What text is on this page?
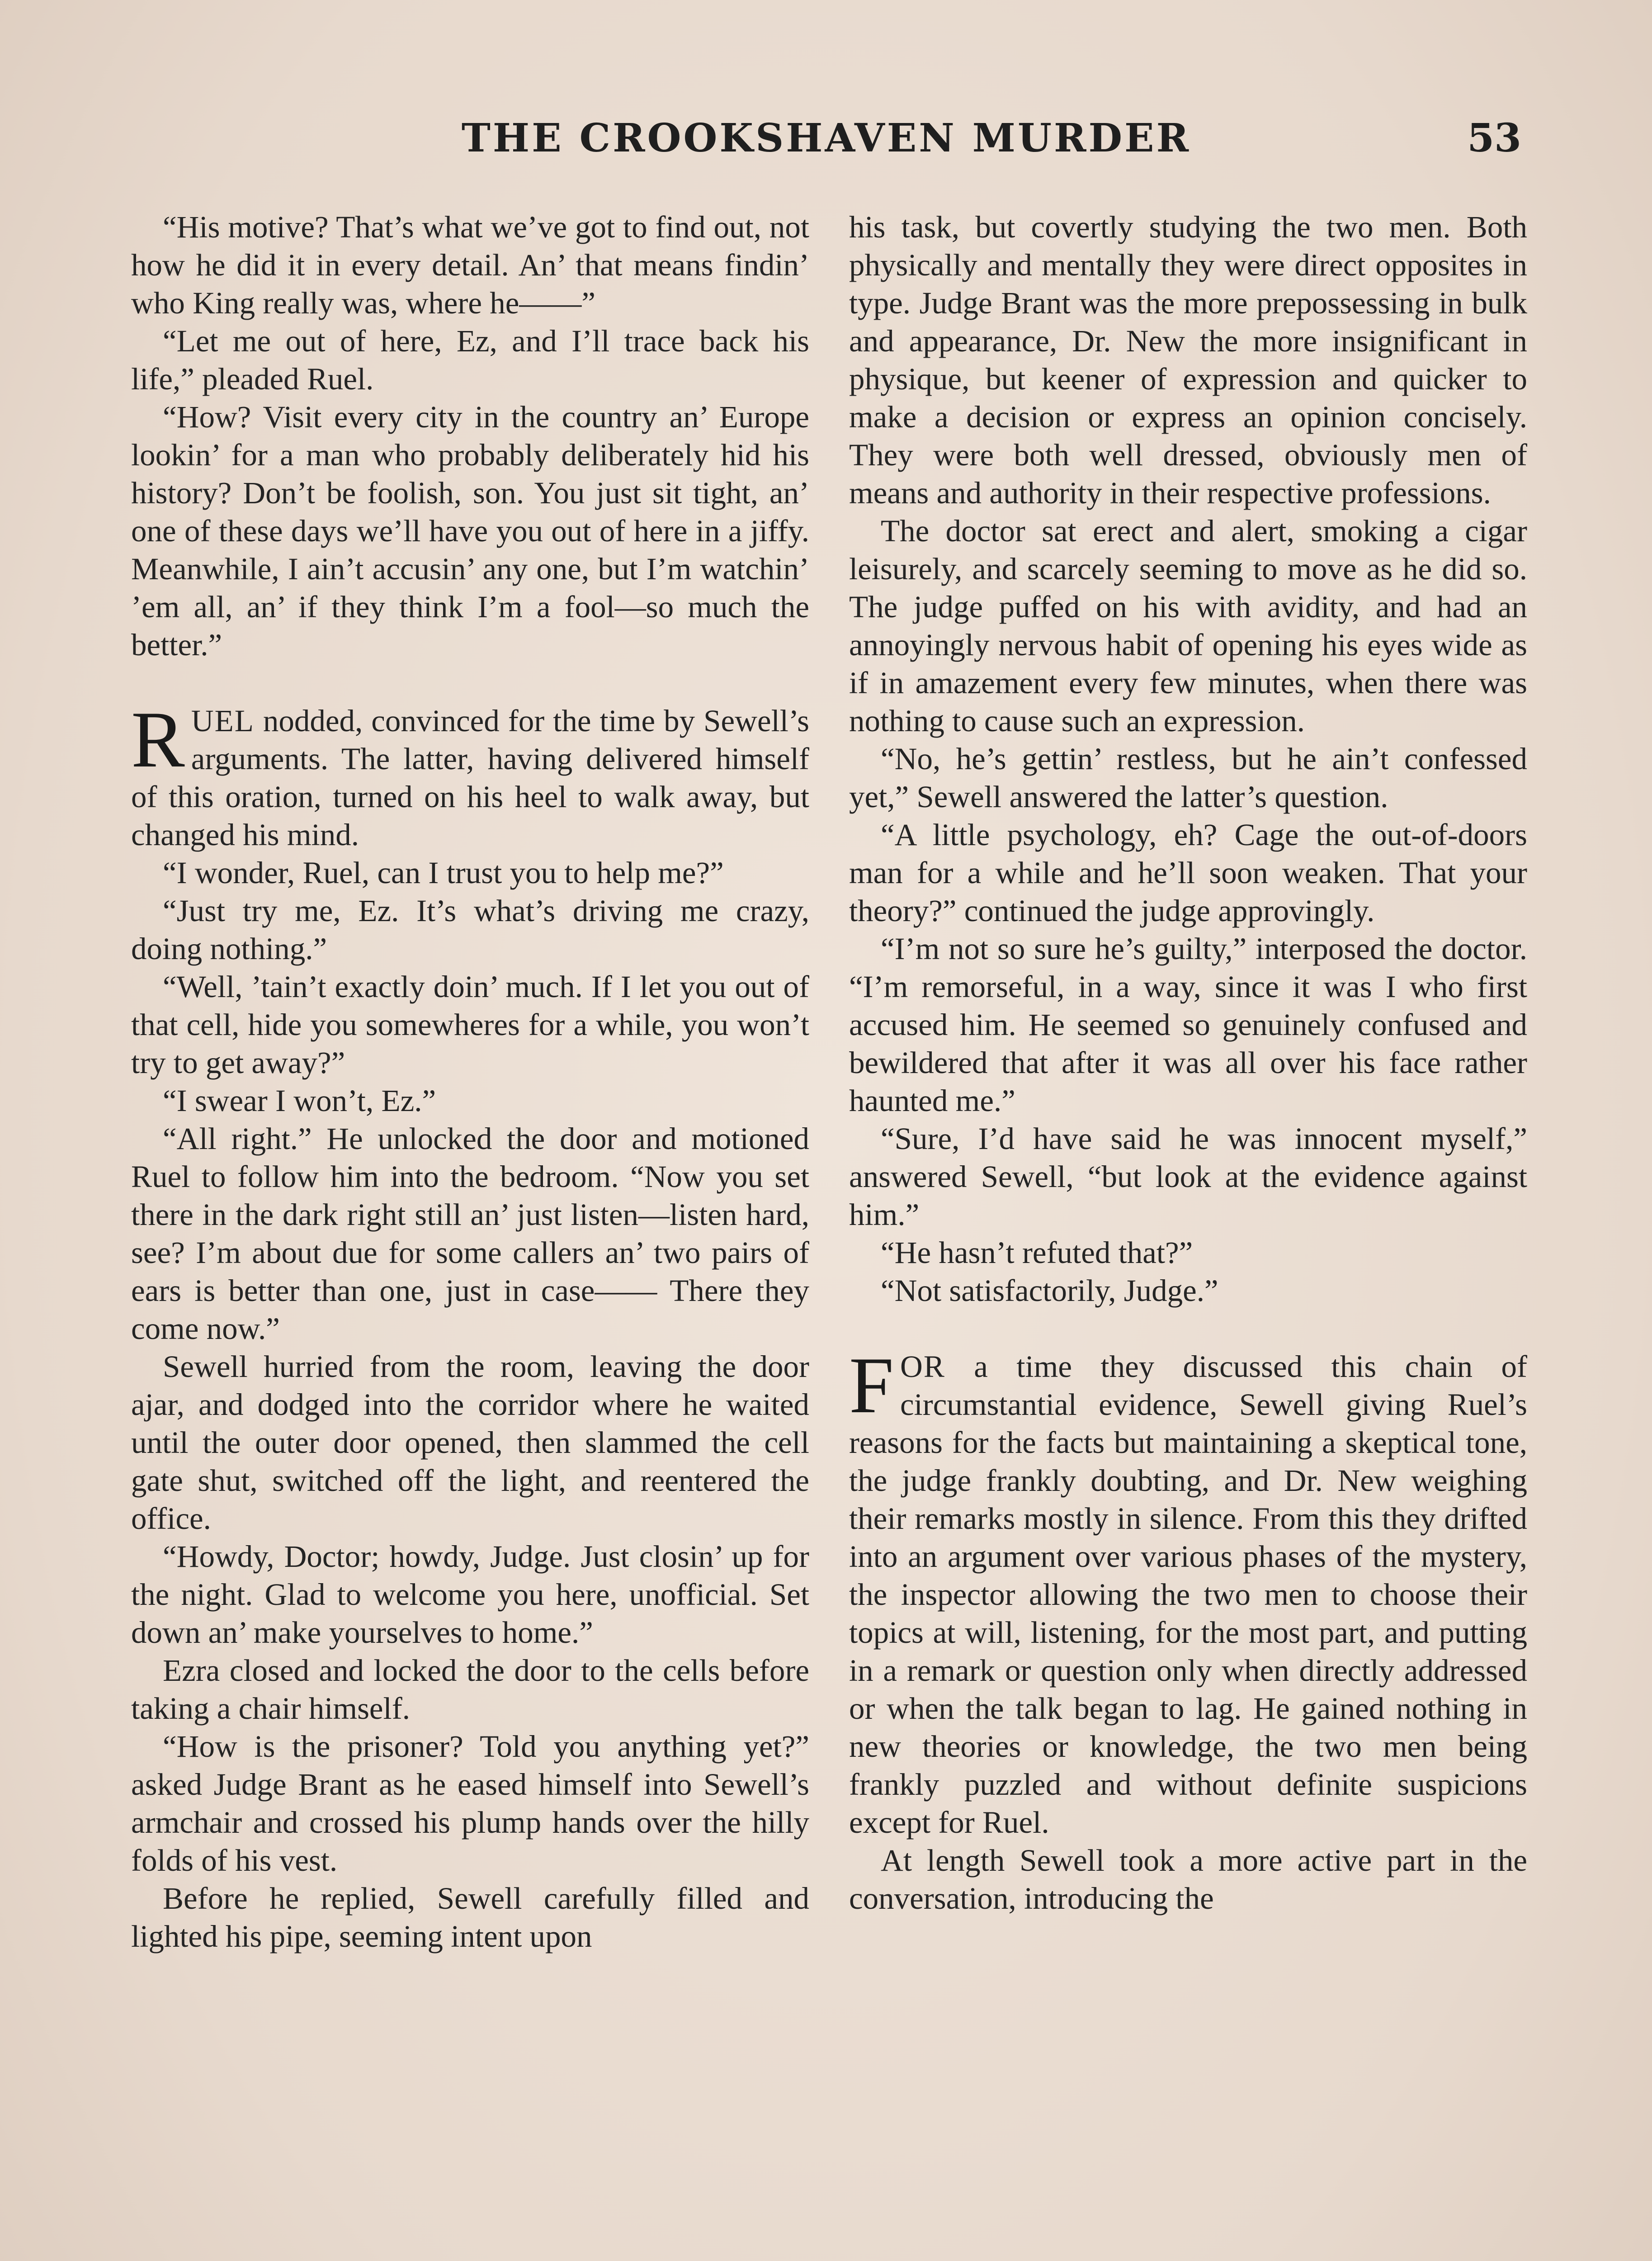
THE CROOKSHAVEN MURDER	53

“His motive? That’s what we’ve got to find out, not how he did it in every detail. An’ that means findin’ who King really was, where he——”

“Let me out of here, Ez, and I’ll trace back his life,” pleaded Ruel.

“How? Visit every city in the country an’ Europe lookin’ for a man who probably deliberately hid his history? Don’t be foolish, son. You just sit tight, an’ one of these days we’ll have you out of here in a jiffy. Meanwhile, I ain’t accusin’ any one, but I’m watchin’ ’em all, an’ if they think I’m a fool—so much the better.”

RUEL nodded, convinced for the time by Sewell’s arguments. The latter, having delivered himself of this oration, turned on his heel to walk away, but changed his mind.

“I wonder, Ruel, can I trust you to help me?”

“Just try me, Ez. It’s what’s driving me crazy, doing nothing.”

“Well, ’tain’t exactly doin’ much. If I let you out of that cell, hide you somewheres for a while, you won’t try to get away?”

“I swear I won’t, Ez.”

“All right.” He unlocked the door and motioned Ruel to follow him into the bedroom. “Now you set there in the dark right still an’ just listen—listen hard, see? I’m about due for some callers an’ two pairs of ears is better than one, just in case—— There they come now.”

Sewell hurried from the room, leaving the door ajar, and dodged into the corridor where he waited until the outer door opened, then slammed the cell gate shut, switched off the light, and reentered the office.

“Howdy, Doctor; howdy, Judge. Just closin’ up for the night. Glad to welcome you here, unofficial. Set down an’ make yourselves to home.”

Ezra closed and locked the door to the cells before taking a chair himself.

“How is the prisoner? Told you anything yet?” asked Judge Brant as he eased himself into Sewell’s armchair and crossed his plump hands over the hilly folds of his vest.

Before he replied, Sewell carefully filled and lighted his pipe, seeming intent upon

his task, but covertly studying the two men. Both physically and mentally they were direct opposites in type. Judge Brant was the more prepossessing in bulk and appearance, Dr. New the more insignificant in physique, but keener of expression and quicker to make a decision or express an opinion concisely. They were both well dressed, obviously men of means and authority in their respective professions.

The doctor sat erect and alert, smoking a cigar leisurely, and scarcely seeming to move as he did so. The judge puffed on his with avidity, and had an annoyingly nervous habit of opening his eyes wide as if in amazement every few minutes, when there was nothing to cause such an expression.

“No, he’s gettin’ restless, but he ain’t confessed yet,” Sewell answered the latter’s question.

“A little psychology, eh? Cage the out-of-doors man for a while and he’ll soon weaken. That your theory?” continued the judge approvingly.

“I’m not so sure he’s guilty,” interposed the doctor. “I’m remorseful, in a way, since it was I who first accused him. He seemed so genuinely confused and bewildered that after it was all over his face rather haunted me.”

“Sure, I’d have said he was innocent myself,” answered Sewell, “but look at the evidence against him.”

“He hasn’t refuted that?”

“Not satisfactorily, Judge.”

FOR a time they discussed this chain of circumstantial evidence, Sewell giving Ruel’s reasons for the facts but maintaining a skeptical tone, the judge frankly doubting, and Dr. New weighing their remarks mostly in silence. From this they drifted into an argument over various phases of the mystery, the inspector allowing the two men to choose their topics at will, listening, for the most part, and putting in a remark or question only when directly addressed or when the talk began to lag. He gained nothing in new theories or knowledge, the two men being frankly puzzled and without definite suspicions except for Ruel.

At length Sewell took a more active part in the conversation, introducing the
